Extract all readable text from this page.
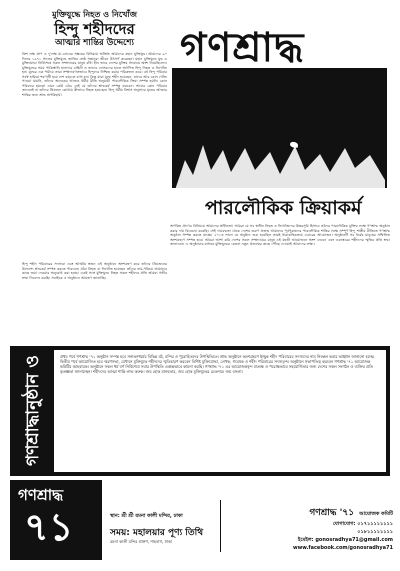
মুক্তিযুদ্ধে নিহত ও নিখোঁজ
হিন্দু শহীদদের
আত্মার শান্তির উদ্দেশ্যে
ত্রিশ লক্ষ প্রাণ ও দু'লক্ষ মা-বোনের সম্ভ্রমের বিনিময়ে অর্জিত আমাদের মহান মুক্তিযুদ্ধ। আমাদের ৯০ দিনের ১৯৭১ সালের মুক্তিযুদ্ধে জাতির শ্রেষ্ঠ সন্তানরা জীবন উৎসর্গ করেছেন। মহান মুক্তিযুদ্ধে যুদ্ধ ও মুক্তিযোদ্ধা নির্বিশেষে সকল সম্প্রদায়ের মানুষ বাঁধা হীন ভাবে দেশের মুক্তির সংগ্রামে অংশ নিয়েছিলেন। মুক্তিযুদ্ধের সময় পাকিস্তানি হানাদার বাহিনী ও তাদের দোসরদের হাতে অগণিত হিন্দু নিহত ও নিখোঁজ হন। যুদ্ধের এক পর্যায়ে তারা সম্প্রদায়গতভাবে হিন্দুদের নিশ্চিহ্ন করার পরিকল্পনা করে। বহু হিন্দু পরিবার সর্বস্ব হারিয়ে শরণার্থী হয়ে দেশ ছাড়তে বাধ্য হন। কিন্তু যারা যুদ্ধে শহীদ হয়েছেন, যাদের আর কোন খোঁজ পাওয়া যায়নি, তাঁদের অনেকের আজও ধর্মীয় রীতি অনুযায়ী পারলৌকিক ক্রিয়া সম্পন্ন হয়নি। কোন পরিবারে হয়তো এমন কেউ বেঁচে নেই যে তাঁদের শ্রাদ্ধকর্ম সম্পন্ন করবেন। আবার কোন পরিবার জানেনই না তাঁদের প্রিয়জন কোথায় কীভাবে নিহত হয়েছেন। হিন্দু ধর্মীয় বিশ্বাস অনুসারে মৃতের আত্মার শান্তির জন্য শ্রাদ্ধ অপরিহার্য।
গণশ্রাদ্ধ
৭১
পারলৌকিক ক্রিয়াকর্ম
অপরিত প্রাণের বিনিময়ে আমাদের স্বাধীনতা। আমরা যে সব স্বাধীন নিহত ও নিখোঁজদের উত্তরসূরি হিসাবে তাঁদের পারলৌকিক মুক্তির লক্ষে গণশ্রাদ্ধ অনুষ্ঠান করার দায় বিবেচনা করেছি। সেই দায়বদ্ধতা থেকে দেশের তরুণ প্রজন্ম আমাদের পূর্বপুরুষদের পারলৌকিক শান্তির লক্ষে সম্পূর্ণ হিন্দু শাস্ত্রীয় রীতিতে গণশ্রাদ্ধ অনুষ্ঠান সম্পন্ন করতে যাচ্ছে। ২০১৩ সালে যে অনুষ্ঠান শুরু হয়েছিল তারই ধারাবাহিকতায় এবারের আয়োজন। অনুষ্ঠানটি সব ধর্মের মানুষের সম্মিলিত অংশগ্রহণে সম্পন্ন হবে। আমরা আশা করি দেশের সকল সম্প্রদায়ের মানুষ এই মহতী আয়োজনে অংশ নেবেন এবং একাত্তরের শহীদদের স্মৃতির প্রতি শ্রদ্ধা জানাবেন। এ অনুষ্ঠানের মাধ্যমে মুক্তিযুদ্ধের চেতনা নতুন প্রজন্মের কাছে পৌঁছে দেওয়াই আমাদের লক্ষ্য।
হিন্দু শহীদ পরিবারের সদস্যরা এবং আত্মীয় স্বজন এই অনুষ্ঠানে অংশগ্রহণ করে তাঁদের প্রিয়জনের উদ্দেশ্যে শ্রাদ্ধকর্ম সম্পন্ন করতে পারবেন। যাঁরা নিহত বা নিখোঁজ হয়েছেন তাঁদের নাম-পরিচয় আমাদের কাছে জমা দেওয়ার অনুরোধ করা হচ্ছে। একই সঙ্গে মুক্তিযুদ্ধে নিহত সকল শহীদের প্রতি আমরা গভীর শ্রদ্ধা নিবেদন করছি। সবাইকে এ অনুষ্ঠানে আমন্ত্রণ জানাচ্ছি।
গণশ্রাদ্ধানুষ্ঠান ও স্মরণসভা
প্রথম পর্বে গণশ্রাদ্ধ '৭১ অনুষ্ঠান সম্পন্ন হবে সনাতনধর্মের বিভিন্ন মঠ, মন্দির ও পুরোহিতদের উপস্থিতিতে। শ্রাদ্ধ অনুষ্ঠানে অংশগ্রহণে ইচ্ছুক শহীদ পরিবারের সদস্যদের নাম নিবন্ধন করার আহ্বান জানানো হচ্ছে। দ্বিতীয় পর্বে আয়োজিত হবে স্মরণসভা, যেখানে মুক্তিযুদ্ধে শহীদদের স্মৃতিচারণ করবেন বিশিষ্ট মুক্তিযোদ্ধা, লেখক, গবেষক ও শহীদ পরিবারের সদস্যবৃন্দ। অনুষ্ঠানে সভাপতিত্ব করবেন গণশ্রাদ্ধ '৭১ আয়োজক কমিটির আহবায়ক। অনুষ্ঠানে সকল ধর্ম বর্ণ নির্বিশেষে সবার উপস্থিতি একান্তভাবে কামনা করছি। গণশ্রাদ্ধ '৭১ এর আয়োজকবৃন্দ প্রত্যক্ষ ও পরোক্ষভাবে সহযোগিতার জন্য দেশের সকল সংগঠন ও ব্যক্তির প্রতি কৃতজ্ঞতা জানাচ্ছেন। শহীদদের আত্মা শান্তি লাভ করুক। জয় হোক মানবতার, জয় হোক মুক্তিযুদ্ধের চেতনার। জয় বাংলা।
গণশ্রাদ্ধ
৭১	স্থান: শ্রী শ্রী রমনা কালী মন্দির, ঢাকা
সময়: মহালয়ার পূণ্য তিথি
রমনা কালী মন্দির প্রাঙ্গণ, শাহবাগ, ঢাকা
গণশ্রাদ্ধ '৭১ আয়োজক কমিটি
যোগাযোগ: ০১৭১১১১১১১১
০১৮১১১১১১১১
ইমেইল: gonosradhya71@gmail.com
www.facebook.com/gonosradhya71
